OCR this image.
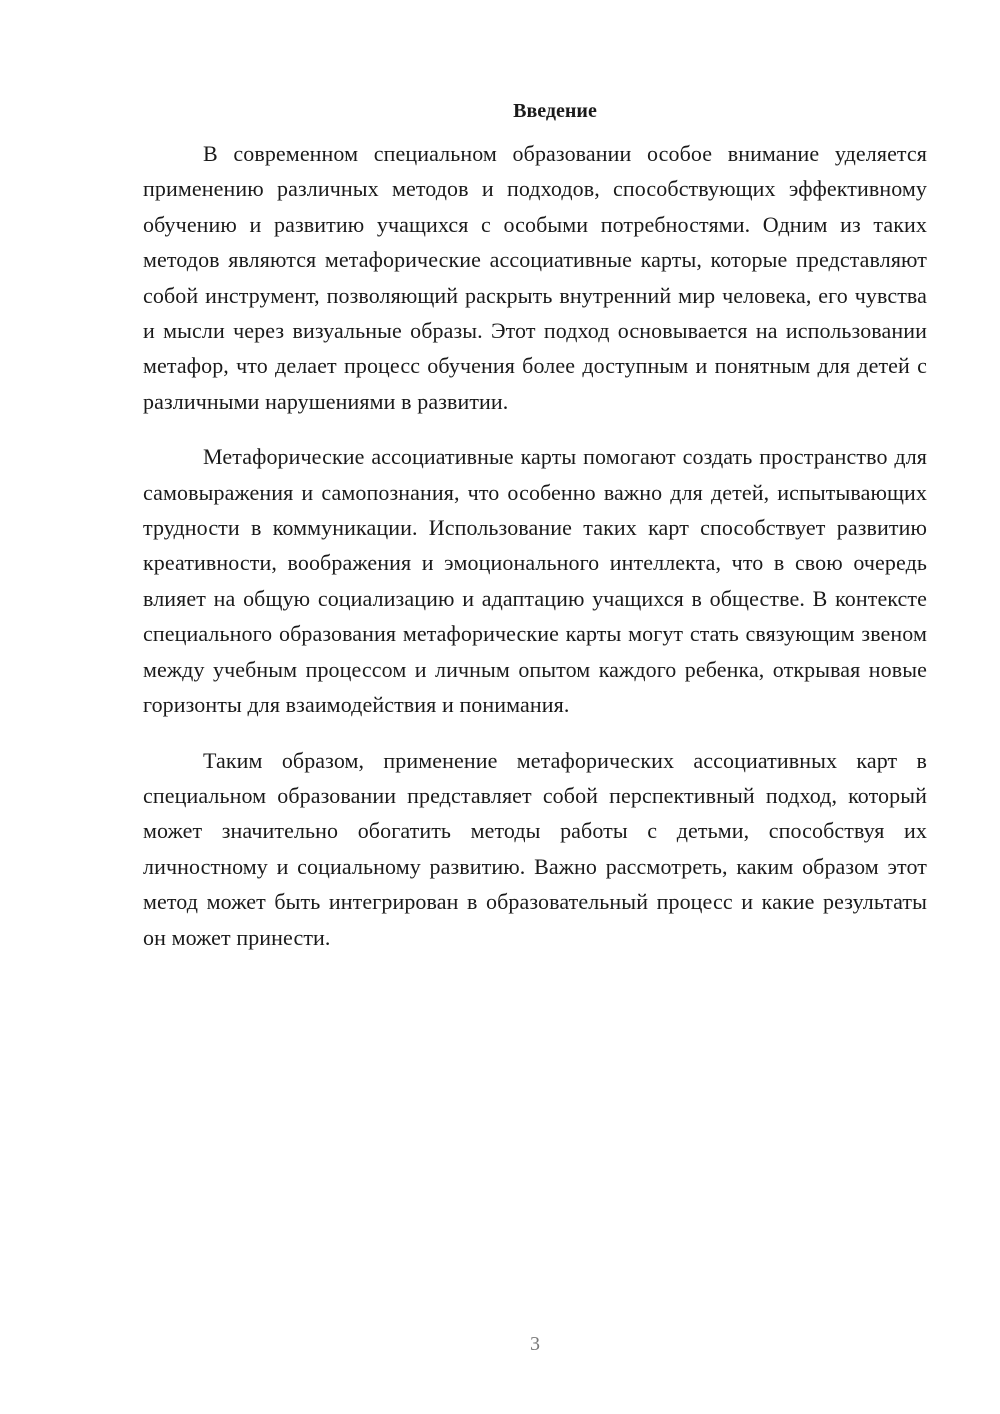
Введение

В современном специальном образовании особое внимание уделяется применению различных методов и подходов, способствующих эффективному обучению и развитию учащихся с особыми потребностями. Одним из таких методов являются метафорические ассоциативные карты, которые представляют собой инструмент, позволяющий раскрыть внутренний мир человека, его чувства и мысли через визуальные образы. Этот подход основывается на использовании метафор, что делает процесс обучения более доступным и понятным для детей с различными нарушениями в развитии.

Метафорические ассоциативные карты помогают создать пространство для самовыражения и самопознания, что особенно важно для детей, испытывающих трудности в коммуникации. Использование таких карт способствует развитию креативности, воображения и эмоционального интеллекта, что в свою очередь влияет на общую социализацию и адаптацию учащихся в обществе. В контексте специального образования метафорические карты могут стать связующим звеном между учебным процессом и личным опытом каждого ребенка, открывая новые горизонты для взаимодействия и понимания.

Таким образом, применение метафорических ассоциативных карт в специальном образовании представляет собой перспективный подход, который может значительно обогатить методы работы с детьми, способствуя их личностному и социальному развитию. Важно рассмотреть, каким образом этот метод может быть интегрирован в образовательный процесс и какие результаты он может принести.

3
